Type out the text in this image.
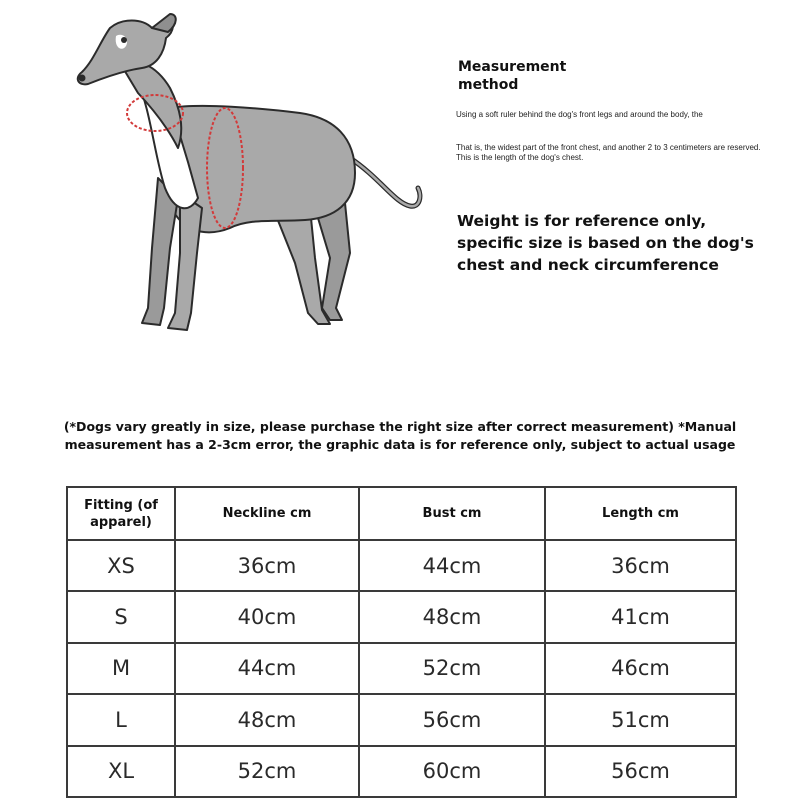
Measurement method
Using a soft ruler behind the dog's front legs and around the body, the
That is, the widest part of the front chest, and another 2 to 3 centimeters are reserved. This is the length of the dog's chest.
Weight is for reference only, specific size is based on the dog's chest and neck circumference
(*Dogs vary greatly in size, please purchase the right size after correct measurement) *Manual measurement has a 2-3cm error, the graphic data is for reference only, subject to actual usage
Fitting (of apparel)	Neckline cm	Bust cm	Length cm
XS	36cm	44cm	36cm
S	40cm	48cm	41cm
M	44cm	52cm	46cm
L	48cm	56cm	51cm
XL	52cm	60cm	56cm
